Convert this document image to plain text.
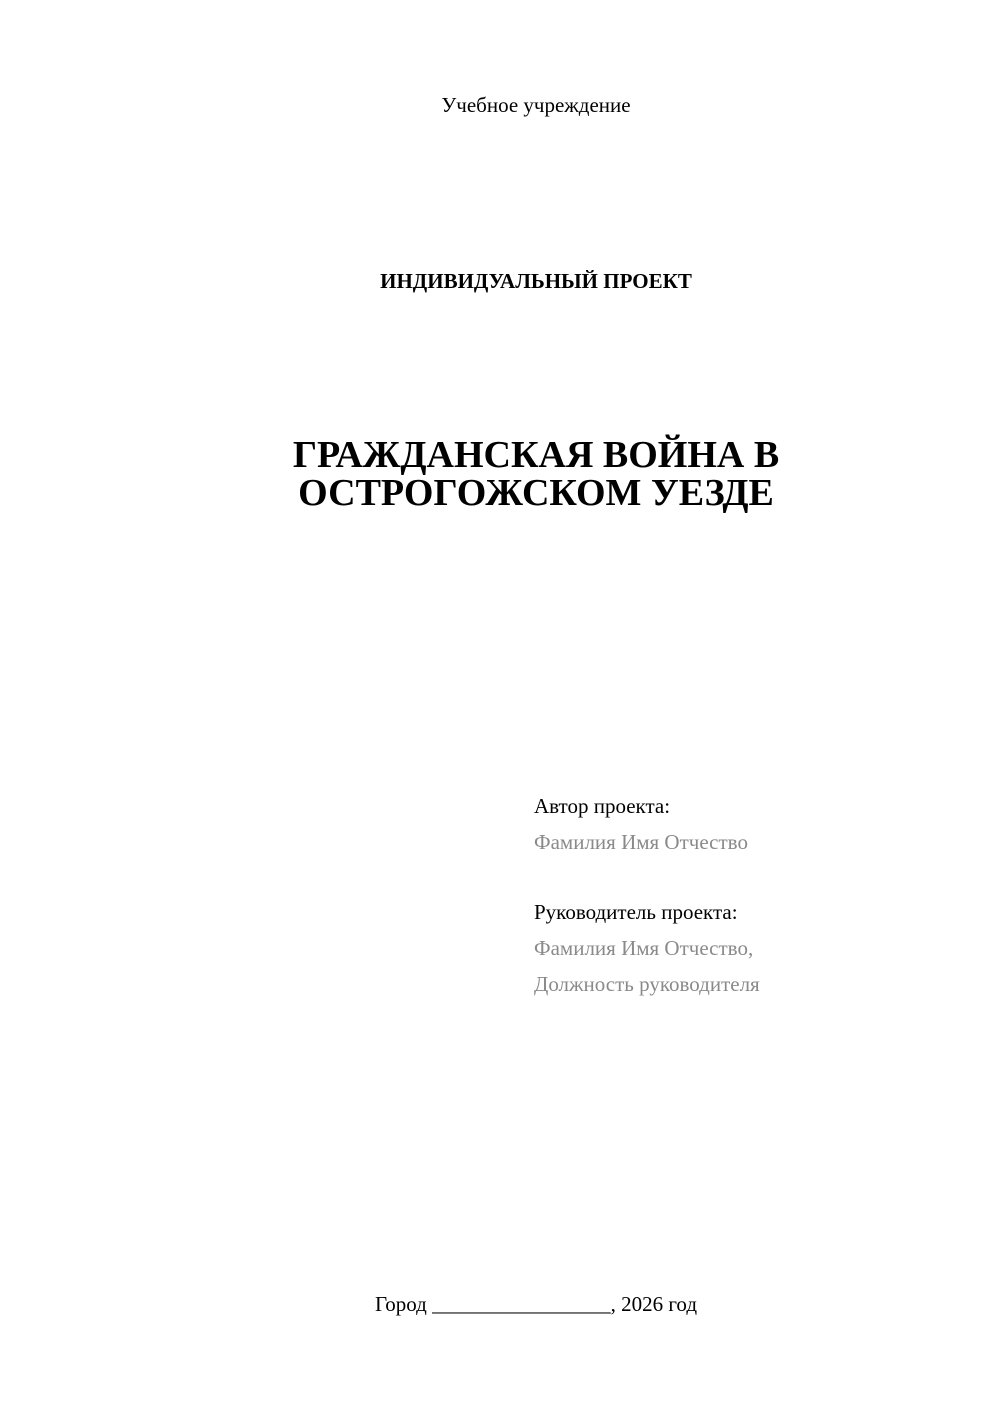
Учебное учреждение
ИНДИВИДУАЛЬНЫЙ ПРОЕКТ
ГРАЖДАНСКАЯ ВОЙНА В
ОСТРОГОЖСКОМ УЕЗДЕ
Автор проекта:
Фамилия Имя Отчество
Руководитель проекта:
Фамилия Имя Отчество,
Должность руководителя
Город _________________, 2026 год
